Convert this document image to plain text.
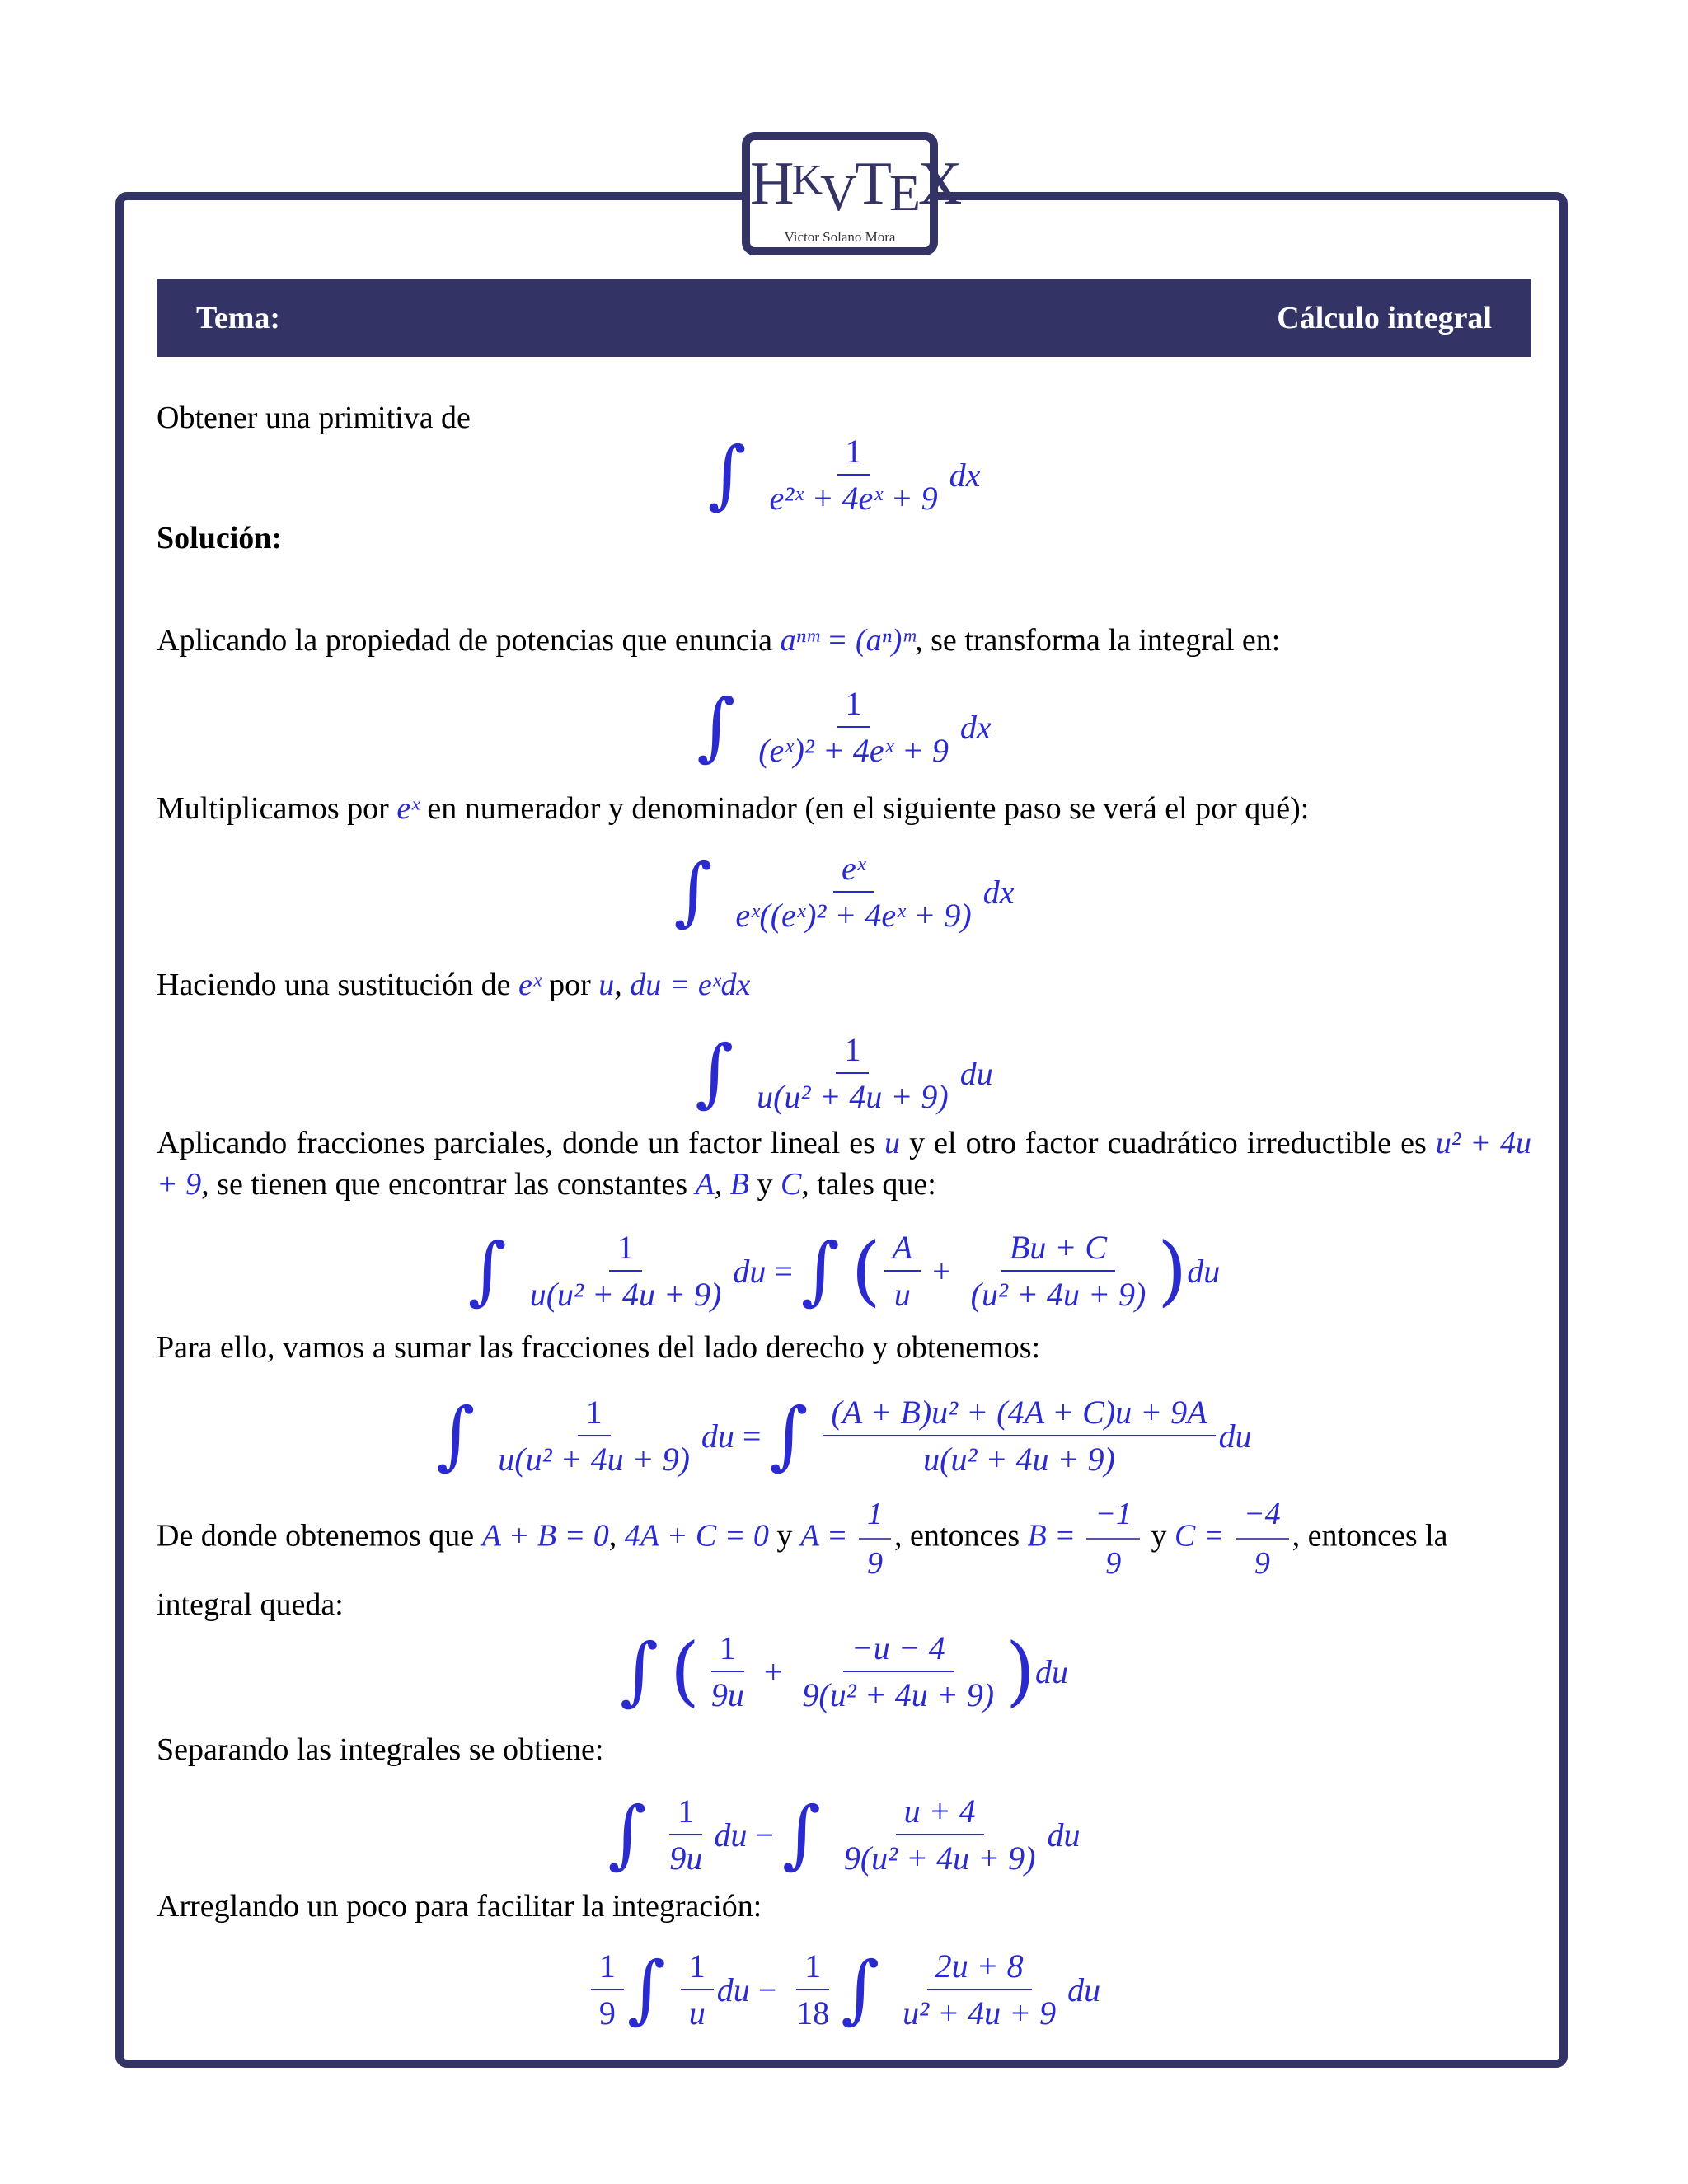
HKVTEX
Victor Solano Mora
Tema:	Cálculo integral
Obtener una primitiva de
∫ $\frac{1}{\text{e²ˣ + 4eˣ + 9}}$ dx
Solución:
Aplicando la propiedad de potencias que enuncia aⁿᵐ = (aⁿ)ᵐ, se transforma la integral en:
∫ $\frac{1}{\text{(eˣ)² + 4eˣ + 9}}$ dx
Multiplicamos por eˣ en numerador y denominador (en el siguiente paso se verá el por qué):
∫ $\frac{\text{eˣ}}{\text{eˣ((eˣ)² + 4eˣ + 9)}}$ dx
Haciendo una sustitución de eˣ por u, du = eˣdx
∫ $\frac{1}{\text{u(u² + 4u + 9)}}$ du
Aplicando fracciones parciales, donde un factor lineal es u y el otro factor cuadrático irreductible es u² + 4u + 9, se tienen que encontrar las constantes A, B y C, tales que:
∫ $\frac{1}{\text{u(u² + 4u + 9)}}$ du = ∫ ( $\frac{A}{u} + \frac{Bu + C}{\text{(u² + 4u + 9)}}$ ) du
Para ello, vamos a sumar las fracciones del lado derecho y obtenemos:
∫ $\frac{1}{\text{u(u² + 4u + 9)}}$ du = ∫ $\frac{\text{(A + B)u² + (4A + C)u + 9A}}{\text{u(u² + 4u + 9)}}$ du
De donde obtenemos que A + B = 0, 4A + C = 0 y $A = \frac{1}{9}$ , entonces $B = \frac{-1}{9}$ y $C = \frac{-4}{9}$ , entonces la integral queda:
∫ ( $\frac{1}{9u} + \frac{-u - 4}{\text{9(u² + 4u + 9)}}$ ) du
Separando las integrales se obtiene:
∫ $\frac{1}{9u}$ du − ∫ $\frac{u + 4}{\text{9(u² + 4u + 9)}}$ du
Arreglando un poco para facilitar la integración:
$\frac{1}{9}$ ∫ $\frac{1}{u}$ du − $\frac{1}{18}$ ∫ $\frac{2u + 8}{\text{u² + 4u + 9}}$ du
